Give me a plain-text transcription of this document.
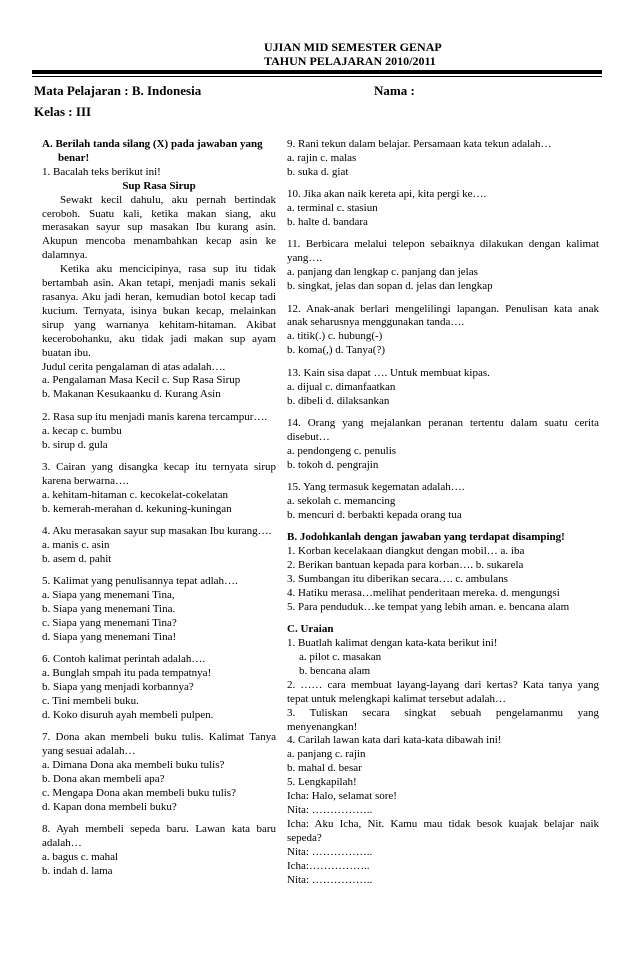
UJIAN MID SEMESTER GENAP
TAHUN PELAJARAN 2010/2011
Mata Pelajaran : B. Indonesia	Nama :
Kelas : III
A. Berilah tanda silang (X) pada jawaban yang benar!
1. Bacalah teks berikut ini!
Sup Rasa Sirup
Sewakt kecil dahulu, aku pernah bertindak ceroboh. Suatu kali, ketika makan siang, aku merasakan sayur sup masakan Ibu kurang asin. Akupun mencoba menambahkan kecap asin ke dalamnya.
Ketika aku mencicipinya, rasa sup itu tidak bertambah asin. Akan tetapi, menjadi manis sekali rasanya. Aku jadi heran, kemudian botol kecap tadi kucium. Ternyata, isinya bukan kecap, melainkan sirup yang warnanya kehitam-hitaman. Akibat kecerobohanku, aku tidak jadi makan sup ayam buatan ibu.
Judul cerita pengalaman di atas adalah….
a. Pengalaman Masa Kecil c. Sup Rasa Sirup
b. Makanan Kesukaanku d. Kurang Asin
2. Rasa sup itu menjadi manis karena tercampur….
a. kecap c. bumbu
b. sirup d. gula
3. Cairan yang disangka kecap itu ternyata sirup karena berwarna….
a. kehitam-hitaman c. kecokelat-cokelatan
b. kemerah-merahan d. kekuning-kuningan
4. Aku merasakan sayur sup masakan Ibu kurang….
a. manis c. asin
b. asem d. pahit
5. Kalimat yang penulisannya tepat adlah….
a. Siapa yang menemani Tina,
b. Siapa yang menemani Tina.
c. Siapa yang menemani Tina?
d. Siapa yang menemani Tina!
6. Contoh kalimat perintah adalah….
a. Bunglah smpah itu pada tempatnya!
b. Siapa yang menjadi korbannya?
c. Tini membeli buku.
d. Koko disuruh ayah membeli pulpen.
7. Dona akan membeli buku tulis. Kalimat Tanya yang sesuai adalah…
a. Dimana Dona aka membeli buku tulis?
b. Dona akan membeli apa?
c. Mengapa Dona akan membeli buku tulis?
d. Kapan dona membeli buku?
8. Ayah membeli sepeda baru. Lawan kata baru adalah…
a. bagus c. mahal
b. indah d. lama
9. Rani tekun dalam belajar. Persamaan kata tekun adalah…
a. rajin c. malas
b. suka d. giat
10. Jika akan naik kereta api, kita pergi ke….
a. terminal c. stasiun
b. halte d. bandara
11. Berbicara melalui telepon sebaiknya dilakukan dengan kalimat yang….
a. panjang dan lengkap c. panjang dan jelas
b. singkat, jelas dan sopan d. jelas dan lengkap
12. Anak-anak berlari mengelilingi lapangan. Penulisan kata anak anak seharusnya menggunakan tanda….
a. titik(.) c. hubung(-)
b. koma(,) d. Tanya(?)
13. Kain sisa dapat …. Untuk membuat kipas.
a. dijual c. dimanfaatkan
b. dibeli d. dilaksankan
14. Orang yang mejalankan peranan tertentu dalam suatu cerita disebut…
a. pendongeng c. penulis
b. tokoh d. pengrajin
15. Yang termasuk kegematan adalah….
a. sekolah c. memancing
b. mencuri d. berbakti kepada orang tua
B. Jodohkanlah dengan jawaban yang terdapat disamping!
1. Korban kecelakaan diangkut dengan mobil… a. iba
2. Berikan bantuan kepada para korban…. b. sukarela
3. Sumbangan itu diberikan secara…. c. ambulans
4. Hatiku merasa…melihat penderitaan mereka. d. mengungsi
5. Para penduduk…ke tempat yang lebih aman. e. bencana alam
C. Uraian
1. Buatlah kalimat dengan kata-kata berikut ini!
a. pilot c. masakan
b. bencana alam
2. …… cara membuat layang-layang dari kertas? Kata tanya yang tepat untuk melengkapi kalimat tersebut adalah…
3. Tuliskan secara singkat sebuah pengelamanmu yang menyenangkan!
4. Carilah lawan kata dari kata-kata dibawah ini!
a. panjang c. rajin
b. mahal d. besar
5. Lengkapilah!
Icha: Halo, selamat sore!
Nita: ……………..
Icha: Aku Icha, Nit. Kamu mau tidak besok kuajak belajar naik sepeda?
Nita: ……………..
Icha:……………..
Nita: ……………..
